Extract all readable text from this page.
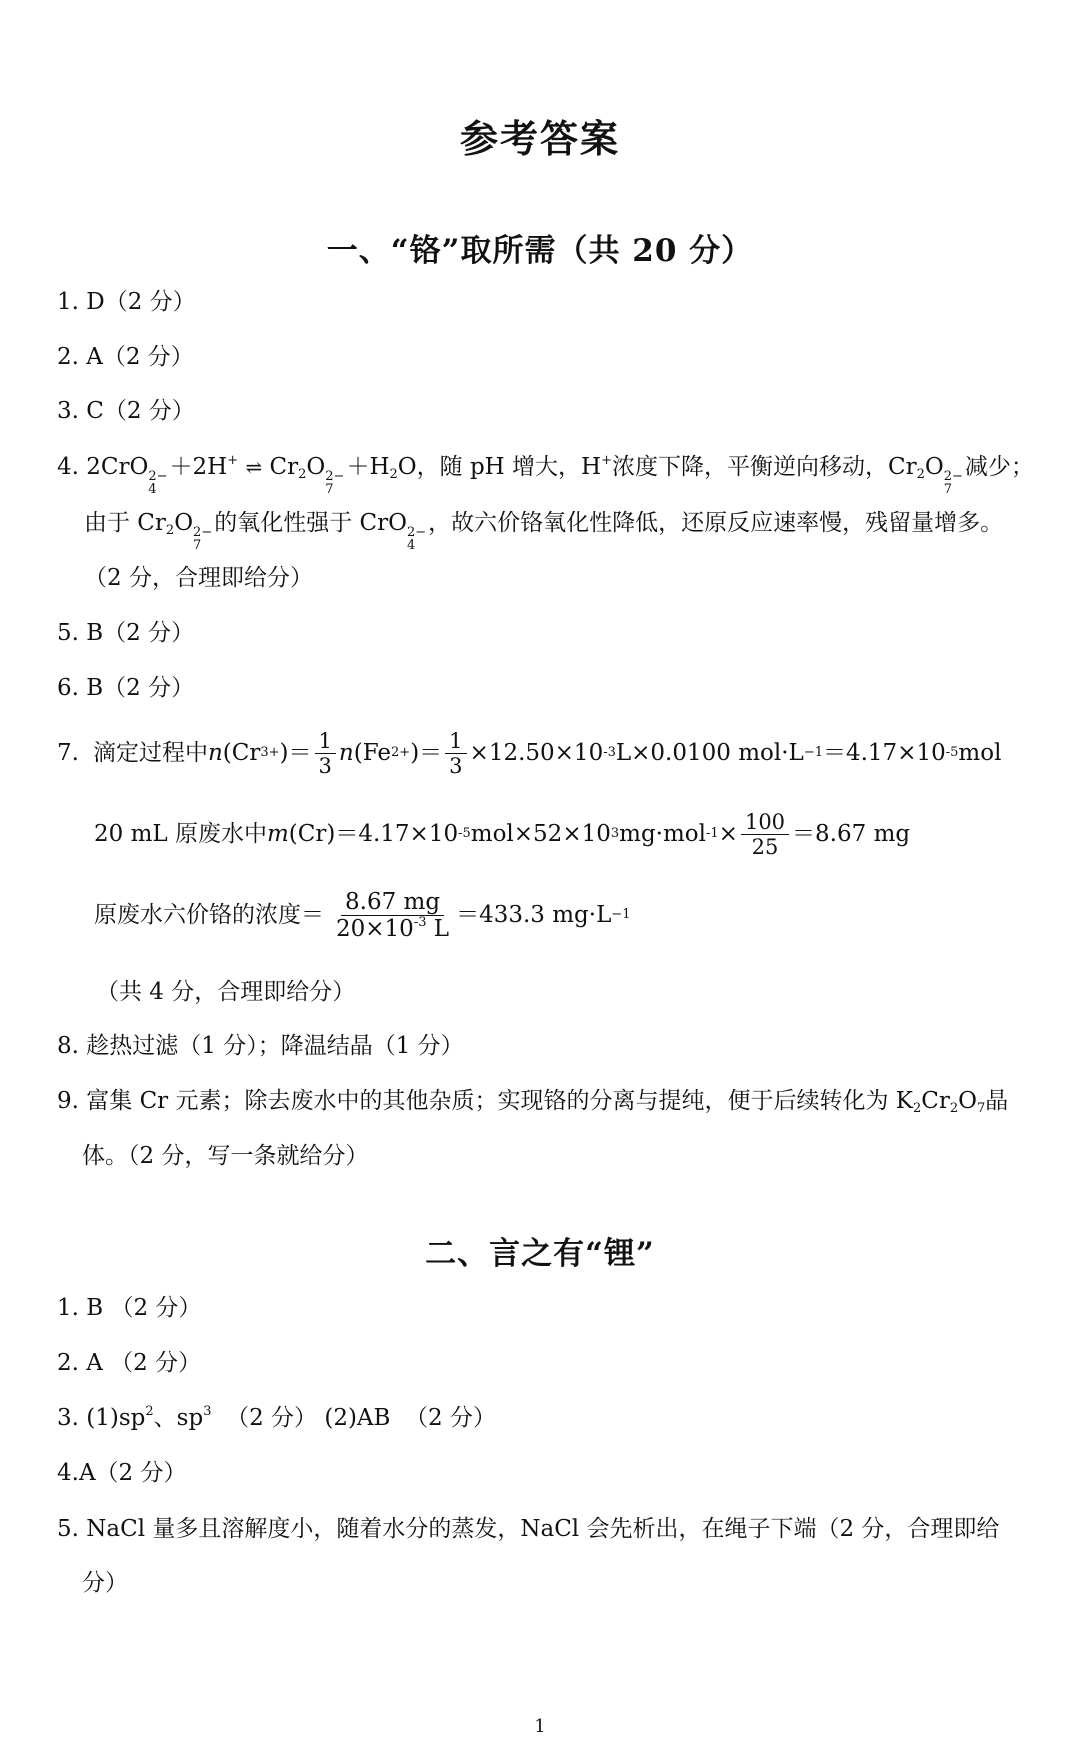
参考答案
一、“铬”取所需（共 20 分）
1. D（2 分）
2. A（2 分）
3. C（2 分）
4. 2CrO 2−
4
＋2H+ ⇌ $Cr_2O$ 2−
7
$+H_2O$，随 pH 增大，H+浓度下降，平衡逆向移动，$Cr_2O$ 2−
7
减少；
由于 $Cr_2O$ 2−
7
的氧化性强于 CrO 2−
4
，故六价铬氧化性降低，还原反应速率慢，残留量增多。
（2 分，合理即给分）
5. B（2 分）
6. B（2 分）
7. 滴定过程中 n (Cr 3+ )＝ $\frac{1}{3}$ n (Fe 2+ )＝ $\frac{1}{3} \times 12.50\times 10$ -3 L×0.0100 mol·L −1 ＝4.17×10 -5 mol
20 mL 原废水中 m (Cr)＝4.17×10 -5 mol×52×10 3 mg·mol $-1 \times \frac{100}{25} =8.67$ mg
原废水六价铬的浓度＝ $\frac{8.67 mg}{20\times 10^{-3} L} =433.3$ mg·L −1
（共 4 分，合理即给分）
8. 趁热过滤（1 分）；降温结晶（1 分）
9. 富集 Cr 元素；除去废水中的其他杂质；实现铬的分离与提纯，便于后续转化为 $K_2Cr_2O_7$晶
体。（2 分，写一条就给分）
二、言之有“锂”
1. B （2 分）
2. A （2 分）
3. $(1)sp^2$、$sp^3$  （2 分） (2)AB  （2 分）
4.A（2 分）
5. NaCl 量多且溶解度小，随着水分的蒸发，NaCl 会先析出，在绳子下端（2 分，合理即给
分）
1
